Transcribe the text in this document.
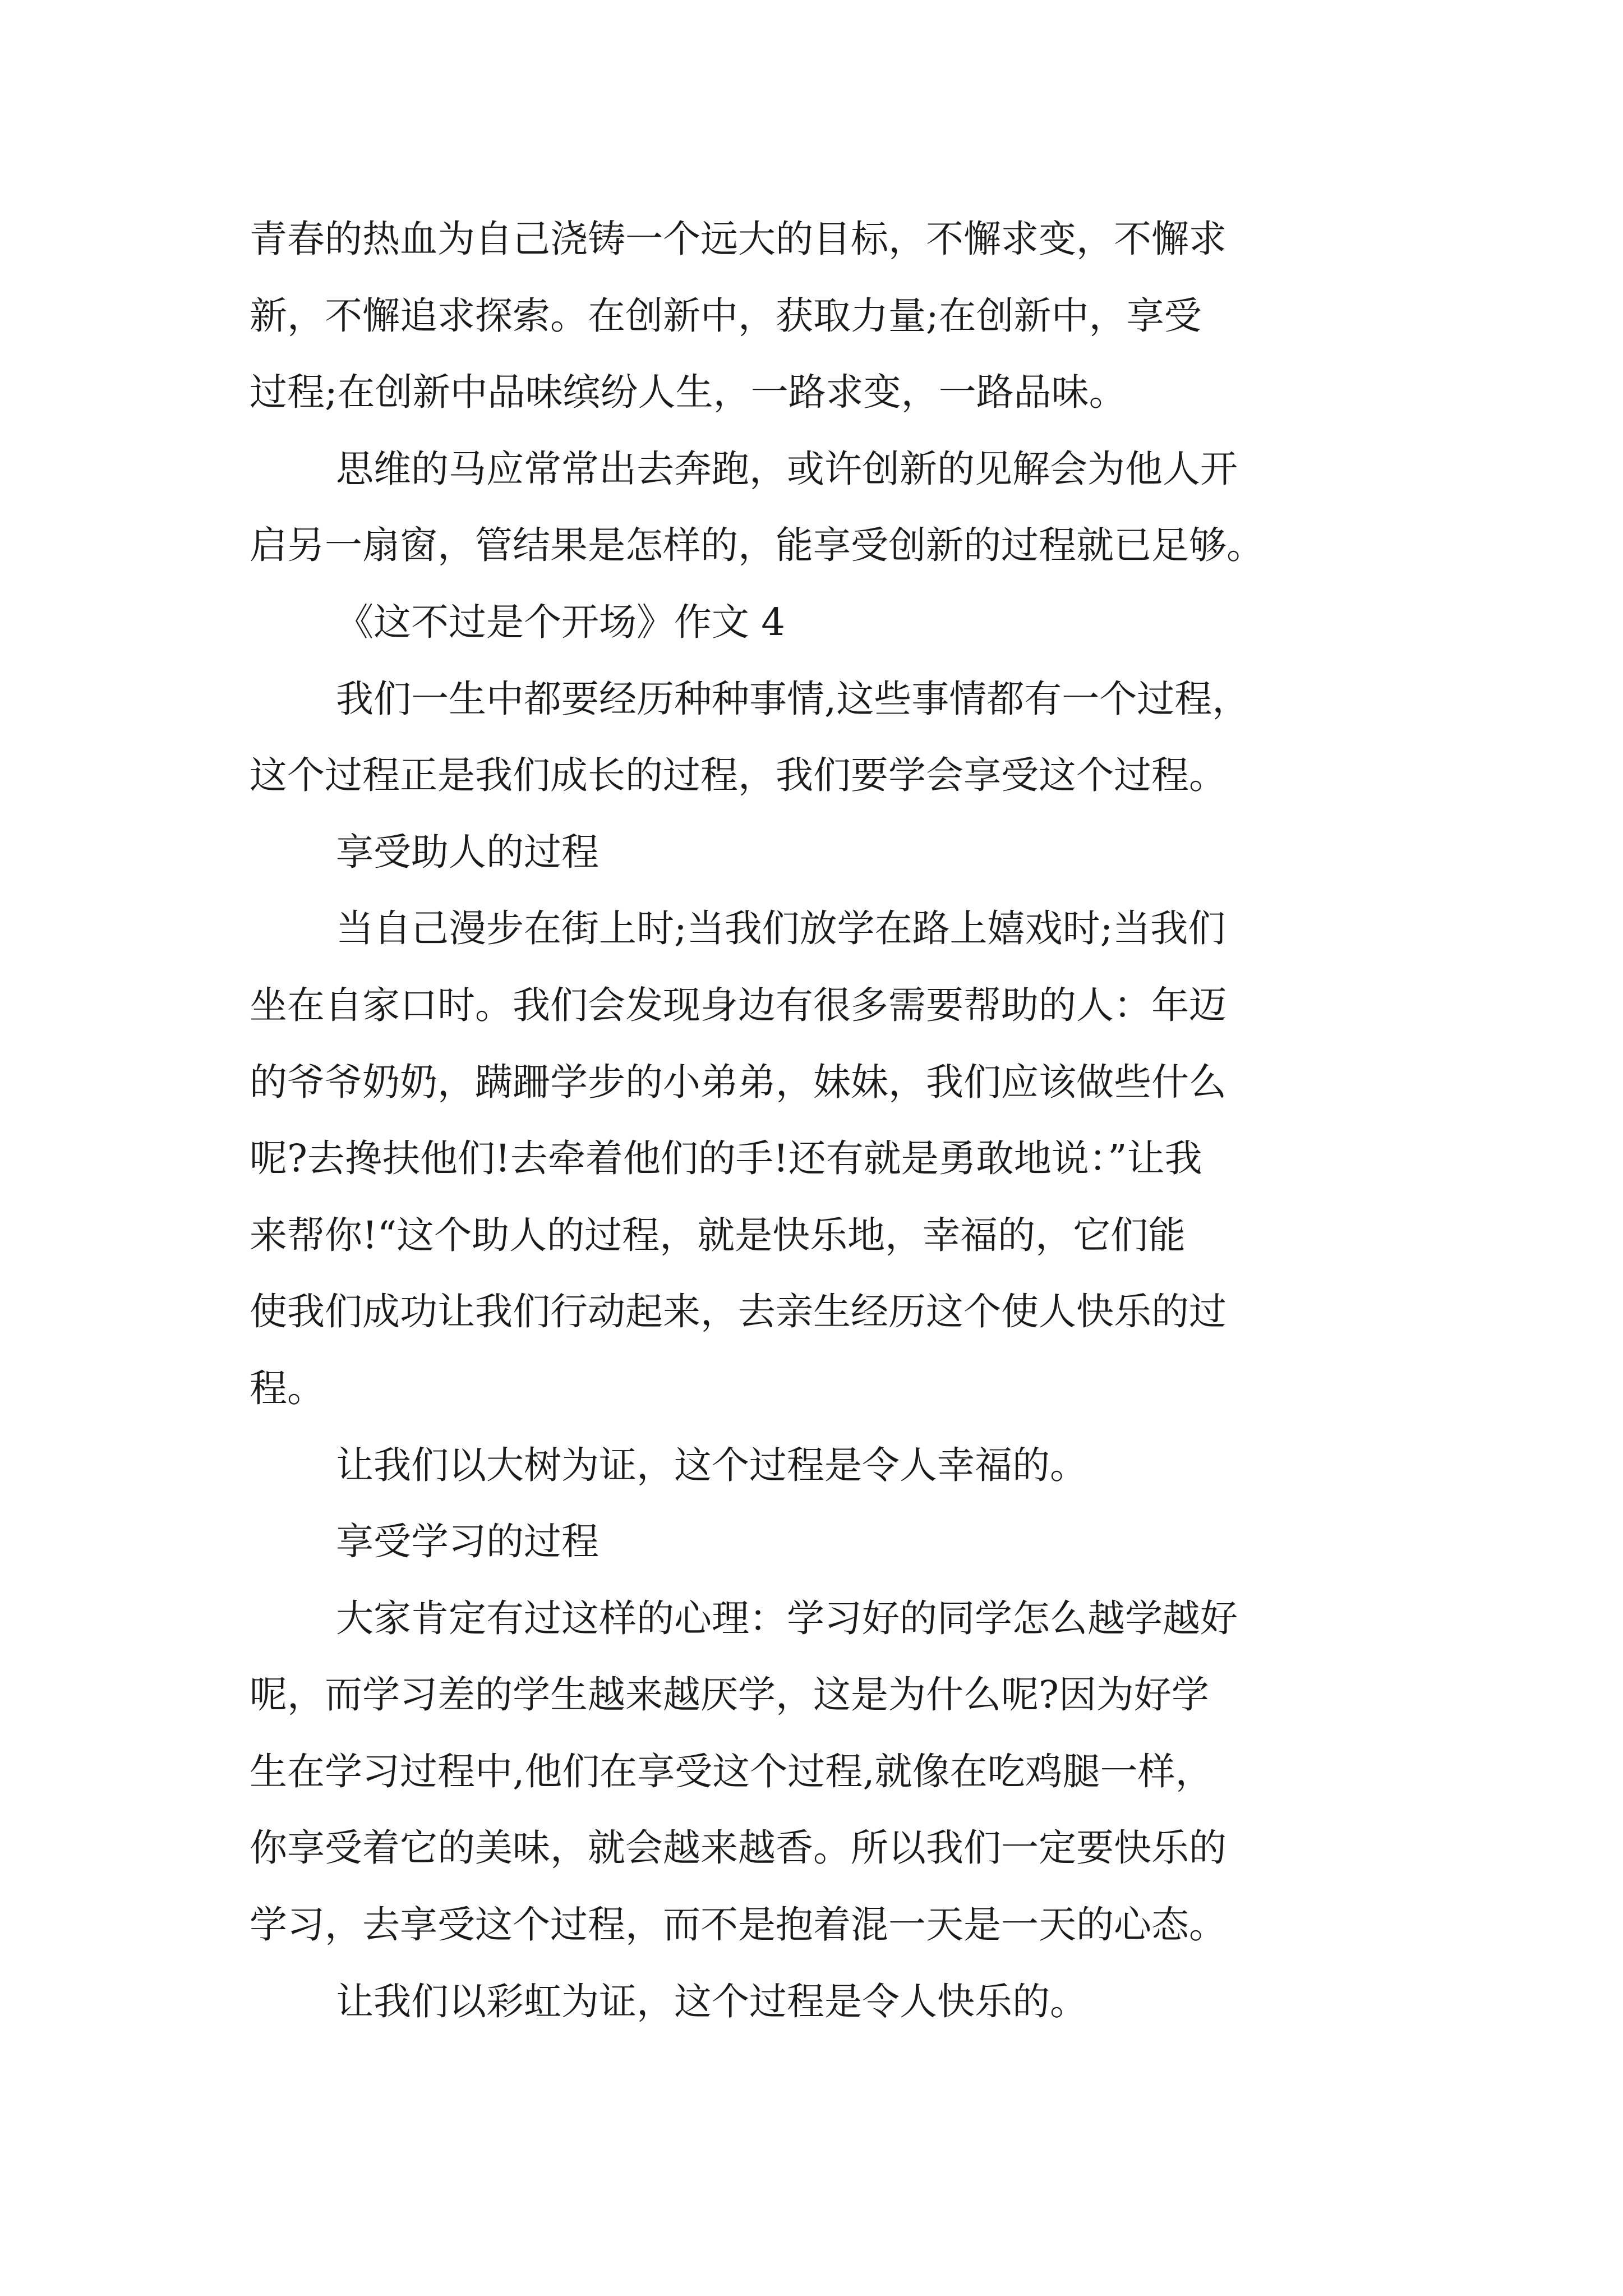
青春的热血为自己浇铸一个远大的目标，不懈求变，不懈求
新，不懈追求探索。在创新中，获取力量;在创新中，享受
过程;在创新中品味缤纷人生，一路求变，一路品味。
思维的马应常常出去奔跑，或许创新的见解会为他人开
启另一扇窗，管结果是怎样的，能享受创新的过程就已足够。
《这不过是个开场》作文 4
我们一生中都要经历种种事情,这些事情都有一个过程，
这个过程正是我们成长的过程，我们要学会享受这个过程。
享受助人的过程
当自己漫步在街上时;当我们放学在路上嬉戏时;当我们
坐在自家口时。我们会发现身边有很多需要帮助的人：年迈
的爷爷奶奶，蹒跚学步的小弟弟，妹妹，我们应该做些什么
呢?去搀扶他们!去牵着他们的手!还有就是勇敢地说：”让我
来帮你!“这个助人的过程，就是快乐地，幸福的，它们能
使我们成功让我们行动起来，去亲生经历这个使人快乐的过
程。
让我们以大树为证，这个过程是令人幸福的。
享受学习的过程
大家肯定有过这样的心理：学习好的同学怎么越学越好
呢，而学习差的学生越来越厌学，这是为什么呢?因为好学
生在学习过程中,他们在享受这个过程,就像在吃鸡腿一样，
你享受着它的美味，就会越来越香。所以我们一定要快乐的
学习，去享受这个过程，而不是抱着混一天是一天的心态。
让我们以彩虹为证，这个过程是令人快乐的。
